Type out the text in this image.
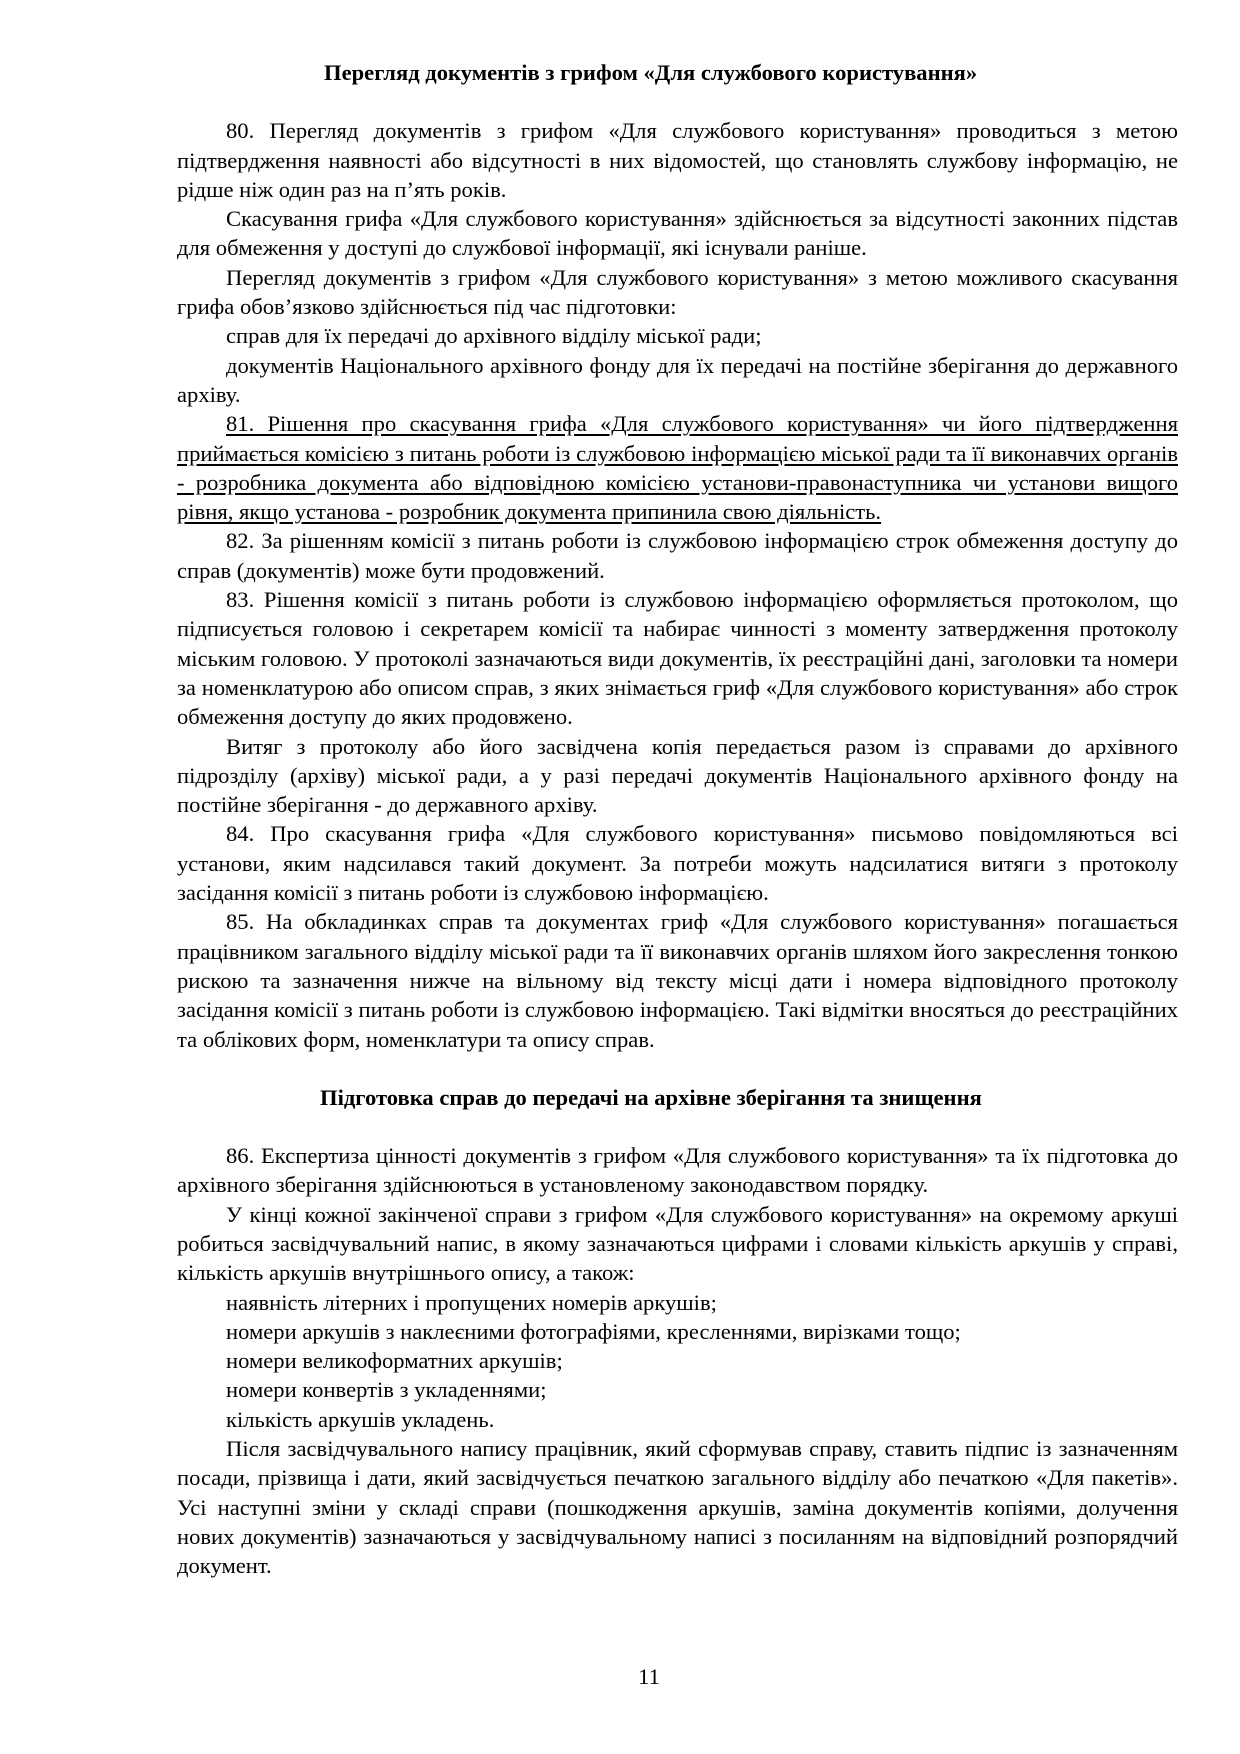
Перегляд документів з грифом «Для службового користування»

80. Перегляд документів з грифом «Для службового користування» проводиться з метою підтвердження наявності або відсутності в них відомостей, що становлять службову інформацію, не рідше ніж один раз на п’ять років.

Скасування грифа «Для службового користування» здійснюється за відсутності законних підстав для обмеження у доступі до службової інформації, які існували раніше.

Перегляд документів з грифом «Для службового користування» з метою можливого скасування грифа обов’язково здійснюється під час підготовки:

справ для їх передачі до архівного відділу міської ради;

документів Національного архівного фонду для їх передачі на постійне зберігання до державного архіву.

81. Рішення про скасування грифа «Для службового користування» чи його підтвердження приймається комісією з питань роботи із службовою інформацією міської ради та її виконавчих органів - розробника документа або відповідною комісією установи-правонаступника чи установи вищого рівня, якщо установа - розробник документа припинила свою діяльність.

82. За рішенням комісії з питань роботи із службовою інформацією строк обмеження доступу до справ (документів) може бути продовжений.

83. Рішення комісії з питань роботи із службовою інформацією оформляється протоколом, що підписується головою і секретарем комісії та набирає чинності з моменту затвердження протоколу міським головою. У протоколі зазначаються види документів, їх реєстраційні дані, заголовки та номери за номенклатурою або описом справ, з яких знімається гриф «Для службового користування» або строк обмеження доступу до яких продовжено.

Витяг з протоколу або його засвідчена копія передається разом із справами до архівного підрозділу (архіву) міської ради, а у разі передачі документів Національного архівного фонду на постійне зберігання - до державного архіву.

84. Про скасування грифа «Для службового користування» письмово повідомляються всі установи, яким надсилався такий документ. За потреби можуть надсилатися витяги з протоколу засідання комісії з питань роботи із службовою інформацією.

85. На обкладинках справ та документах гриф «Для службового користування» погашається працівником загального відділу міської ради та її виконавчих органів шляхом його закреслення тонкою рискою та зазначення нижче на вільному від тексту місці дати і номера відповідного протоколу засідання комісії з питань роботи із службовою інформацією. Такі відмітки вносяться до реєстраційних та облікових форм, номенклатури та опису справ.

Підготовка справ до передачі на архівне зберігання та знищення

86. Експертиза цінності документів з грифом «Для службового користування» та їх підготовка до архівного зберігання здійснюються в установленому законодавством порядку.

У кінці кожної закінченої справи з грифом «Для службового користування» на окремому аркуші робиться засвідчувальний напис, в якому зазначаються цифрами і словами кількість аркушів у справі, кількість аркушів внутрішнього опису, а також:

наявність літерних і пропущених номерів аркушів;

номери аркушів з наклеєними фотографіями, кресленнями, вирізками тощо;

номери великоформатних аркушів;

номери конвертів з укладеннями;

кількість аркушів укладень.

Після засвідчувального напису працівник, який сформував справу, ставить підпис із зазначенням посади, прізвища і дати, який засвідчується печаткою загального відділу або печаткою «Для пакетів». Усі наступні зміни у складі справи (пошкодження аркушів, заміна документів копіями, долучення нових документів) зазначаються у засвідчувальному написі з посиланням на відповідний розпорядчий документ.

11
